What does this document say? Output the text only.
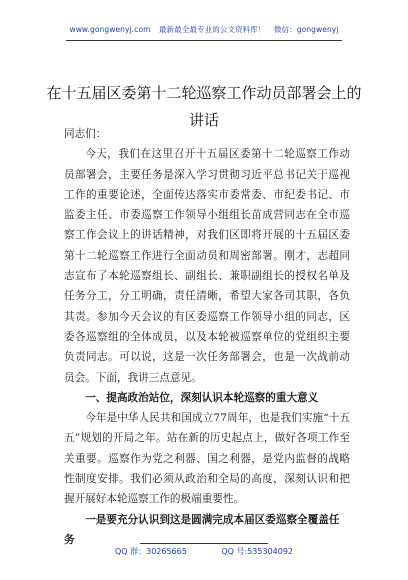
www.gongwenyj.com 最新最全最专业的公文资料库！ 微信：gongwenyj
在十五届区委第十二轮巡察工作动员部署会上的讲话

同志们：

今天，我们在这里召开十五届区委第十二轮巡察工作动员部署会，主要任务是深入学习贯彻习近平总书记关于巡视工作的重要论述，全面传达落实市委常委、市纪委书记、市监委主任、市委巡察工作领导小组组长苗成营同志在全市巡察工作会议上的讲话精神，对我们区即将开展的十五届区委第十二轮巡察工作进行全面动员和周密部署。刚才，志超同志宣布了本轮巡察组长、副组长、兼职副组长的授权名单及任务分工，分工明确，责任清晰，希望大家各司其职，各负其责。参加今天会议的有区委巡察工作领导小组的同志，区委各巡察组的全体成员，以及本轮被巡察单位的党组织主要负责同志。可以说，这是一次任务部署会，也是一次战前动员会。下面，我讲三点意见。

一、提高政治站位，深刻认识本轮巡察的重大意义

今年是中华人民共和国成立77周年，也是我们实施“十五五”规划的开局之年。站在新的历史起点上，做好各项工作至关重要。巡察作为党之利器、国之利器，是党内监督的战略性制度安排。我们必须从政治和全局的高度，深刻认识和把握开展好本轮巡察工作的极端重要性。

一是要充分认识到这是圆满完成本届区委巡察全覆盖任务

QQ 群：30265665	QQ 号:535304092
